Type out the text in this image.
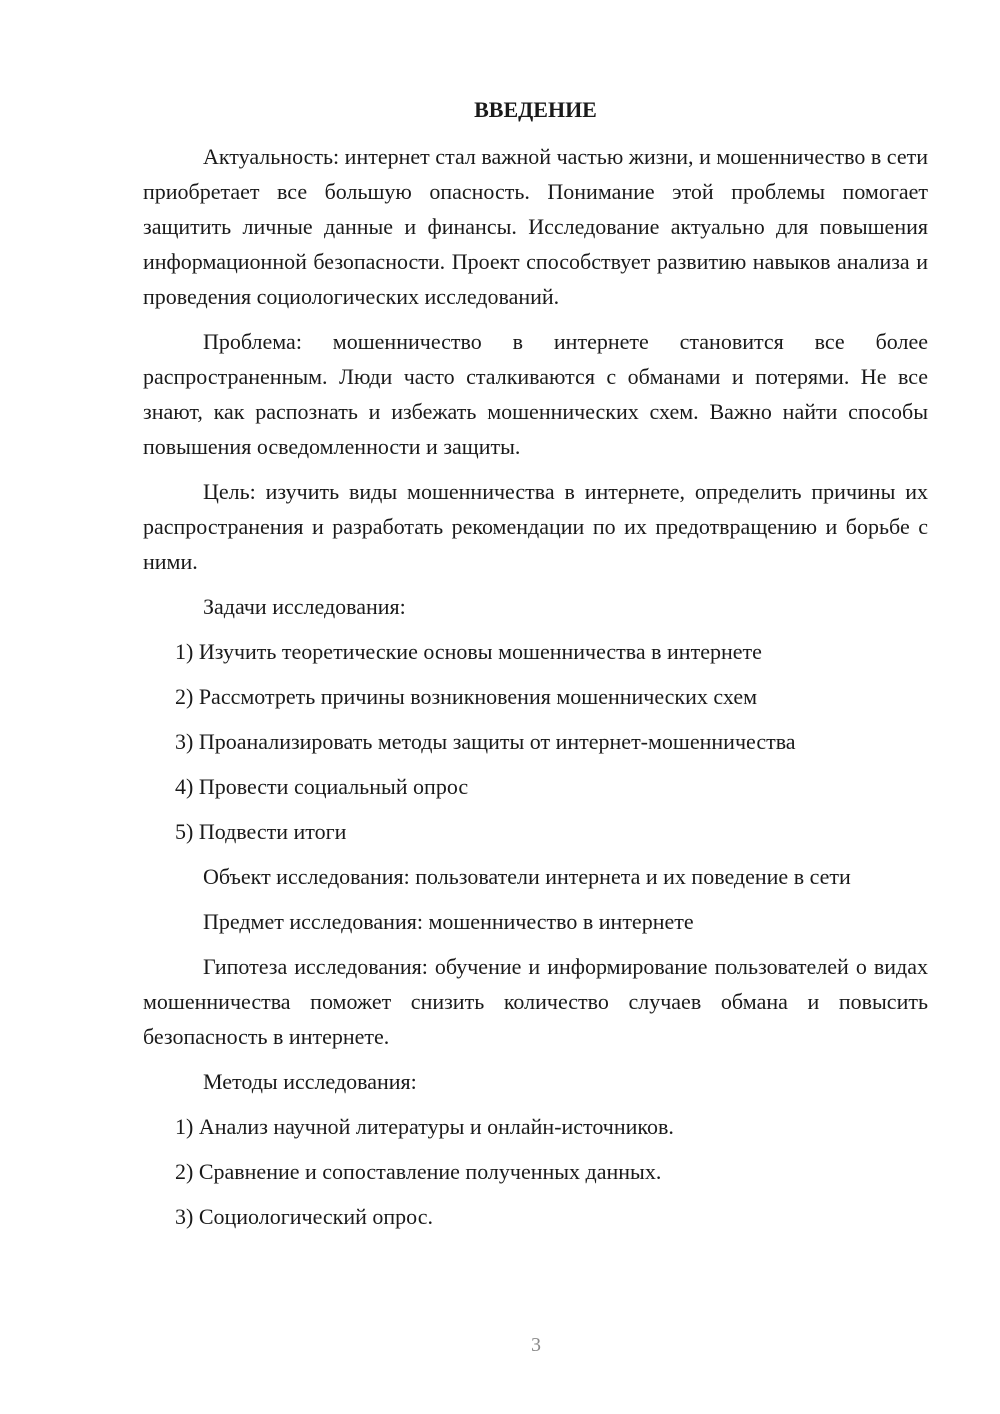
ВВЕДЕНИЕ

Актуальность: интернет стал важной частью жизни, и мошенничество в сети приобретает все большую опасность. Понимание этой проблемы помогает защитить личные данные и финансы. Исследование актуально для повышения информационной безопасности. Проект способствует развитию навыков анализа и проведения социологических исследований.

Проблема: мошенничество в интернете становится все более распространенным. Люди часто сталкиваются с обманами и потерями. Не все знают, как распознать и избежать мошеннических схем. Важно найти способы повышения осведомленности и защиты.

Цель: изучить виды мошенничества в интернете, определить причины их распространения и разработать рекомендации по их предотвращению и борьбе с ними.

Задачи исследования:

1) Изучить теоретические основы мошенничества в интернете
2) Рассмотреть причины возникновения мошеннических схем
3) Проанализировать методы защиты от интернет-мошенничества
4) Провести социальный опрос
5) Подвести итоги

Объект исследования: пользователи интернета и их поведение в сети

Предмет исследования: мошенничество в интернете

Гипотеза исследования: обучение и информирование пользователей о видах мошенничества поможет снизить количество случаев обмана и повысить безопасность в интернете.

Методы исследования:

1) Анализ научной литературы и онлайн-источников.
2) Сравнение и сопоставление полученных данных.
3) Социологический опрос.
3
